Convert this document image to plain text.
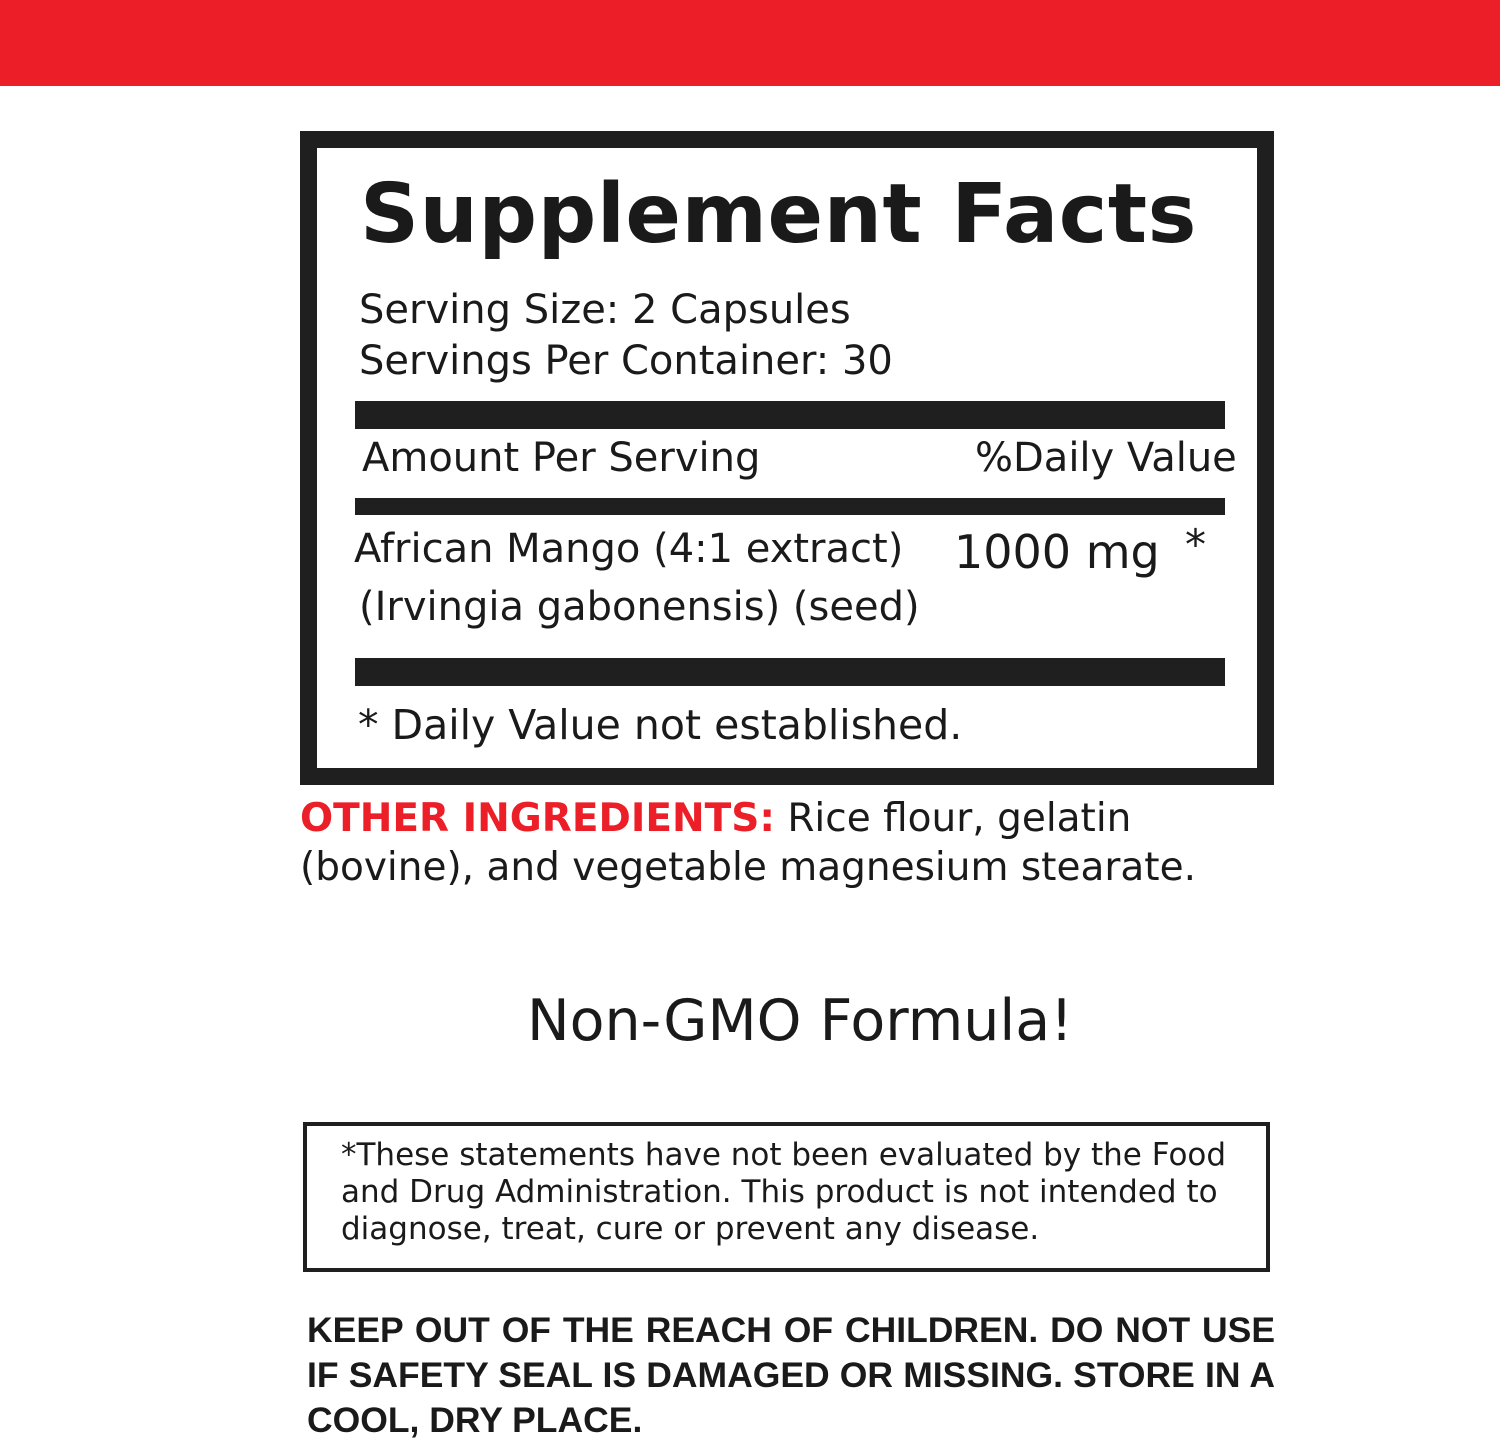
Supplement Facts
Serving Size: 2 Capsules
Servings Per Container: 30
Amount Per Serving	%Daily Value
African Mango (4:1 extract)
(Irvingia gabonensis) (seed)
1000 mg *
* Daily Value not established.

OTHER INGREDIENTS: Rice flour, gelatin
(bovine), and vegetable magnesium stearate.

Non-GMO Formula!

*These statements have not been evaluated by the Food
and Drug Administration. This product is not intended to
diagnose, treat, cure or prevent any disease.

KEEP OUT OF THE REACH OF CHILDREN. DO NOT USE IF SAFETY SEAL IS DAMAGED OR MISSING. STORE IN A COOL, DRY PLACE.
